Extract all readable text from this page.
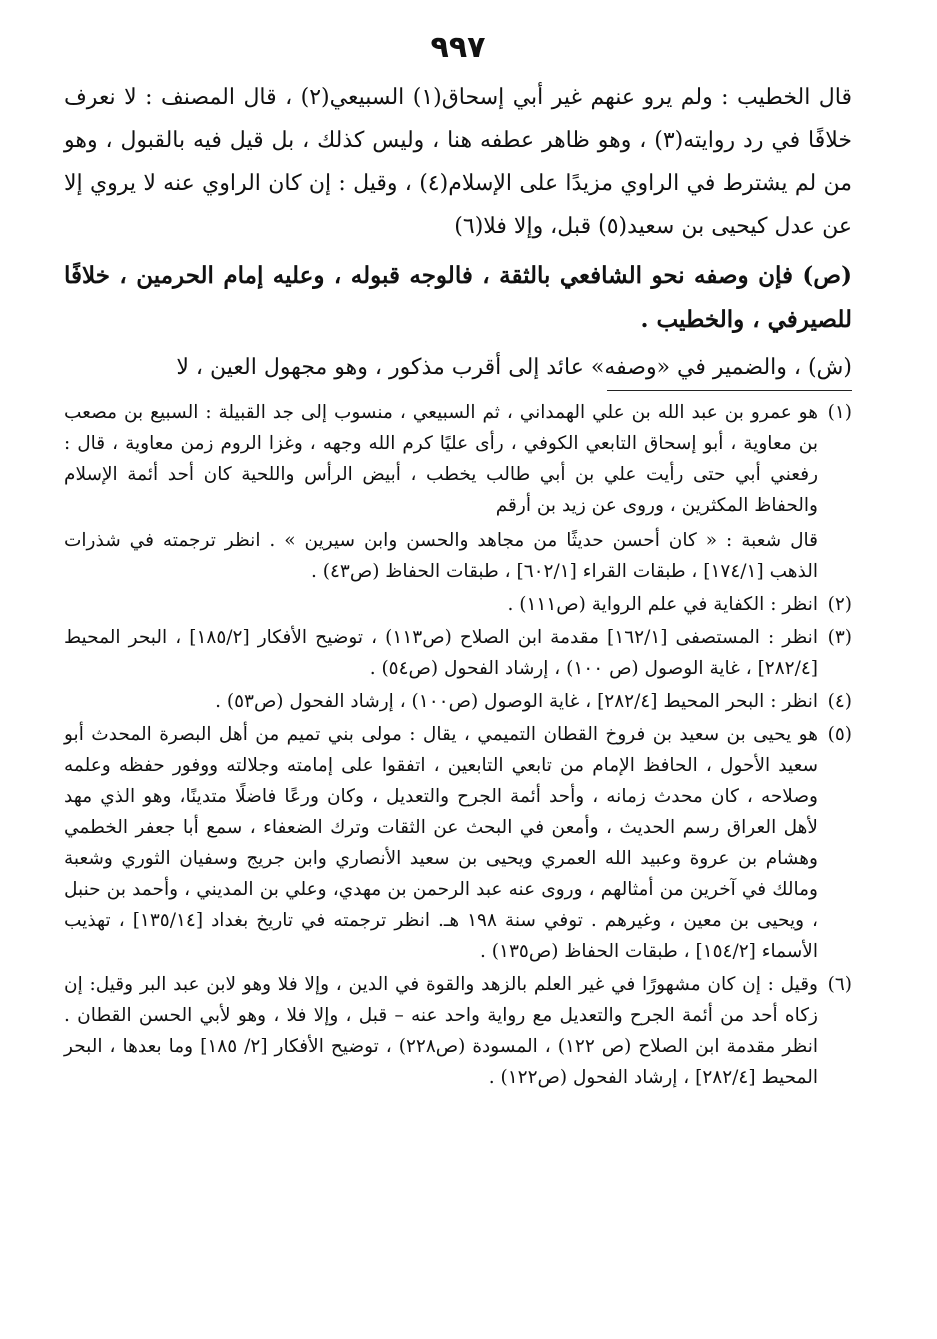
٩٩٧

قال الخطيب : ولم يرو عنهم غير أبي إسحاق(١) السبيعي(٢) ، قال المصنف : لا نعرف خلافًا في رد روايته(٣) ، وهو ظاهر عطفه هنا ، وليس كذلك ، بل قيل فيه بالقبول ، وهو من لم يشترط في الراوي مزيدًا على الإسلام(٤) ، وقيل : إن كان الراوي عنه لا يروي إلا عن عدل كيحيى بن سعيد(٥) قبل، وإلا فلا(٦)

(ص) فإن وصفه نحو الشافعي بالثقة ، فالوجه قبوله ، وعليه إمام الحرمين ، خلافًا للصيرفي ، والخطيب .

(ش) ، والضمير في «وصفه» عائد إلى أقرب مذكور ، وهو مجهول العين ، لا

(١)

هو عمرو بن عبد الله بن علي الهمداني ، ثم السبيعي ، منسوب إلى جد القبيلة : السبيع بن مصعب بن معاوية ، أبو إسحاق التابعي الكوفي ، رأى عليًا كرم الله وجهه ، وغزا الروم زمن معاوية ، قال : رفعني أبي حتى رأيت علي بن أبي طالب يخطب ، أبيض الرأس واللحية كان أحد أئمة الإسلام والحفاظ المكثرين ، وروى عن زيد بن أرقم

قال شعبة : « كان أحسن حديثًا من مجاهد والحسن وابن سيرين » . انظر ترجمته في شذرات الذهب [١٧٤/١] ، طبقات القراء [٦٠٢/١] ، طبقات الحفاظ (ص٤٣) .

(٢)

انظر : الكفاية في علم الرواية (ص١١١) .

(٣)

انظر : المستصفى [١٦٢/١] مقدمة ابن الصلاح (ص١١٣) ، توضيح الأفكار [١٨٥/٢] ، البحر المحيط [٢٨٢/٤] ، غاية الوصول (ص ١٠٠) ، إرشاد الفحول (ص٥٤) .

(٤)

انظر : البحر المحيط [٢٨٢/٤] ، غاية الوصول (ص١٠٠) ، إرشاد الفحول (ص٥٣) .

(٥)

هو يحيى بن سعيد بن فروخ القطان التميمي ، يقال : مولى بني تميم من أهل البصرة المحدث أبو سعيد الأحول ، الحافظ الإمام من تابعي التابعين ، اتفقوا على إمامته وجلالته ووفور حفظه وعلمه وصلاحه ، كان محدث زمانه ، وأحد أئمة الجرح والتعديل ، وكان ورعًا فاضلًا متدينًا، وهو الذي مهد لأهل العراق رسم الحديث ، وأمعن في البحث عن الثقات وترك الضعفاء ، سمع أبا جعفر الخطمي وهشام بن عروة وعبيد الله العمري ويحيى بن سعيد الأنصاري وابن جريج وسفيان الثوري وشعبة ومالك في آخرين من أمثالهم ، وروى عنه عبد الرحمن بن مهدي، وعلي بن المديني ، وأحمد بن حنبل ، ويحيى بن معين ، وغيرهم . توفي سنة ١٩٨ هـ. انظر ترجمته في تاريخ بغداد [١٣٥/١٤] ، تهذيب الأسماء [١٥٤/٢] ، طبقات الحفاظ (ص١٣٥) .

(٦)

وقيل : إن كان مشهورًا في غير العلم بالزهد والقوة في الدين ، وإلا فلا وهو لابن عبد البر وقيل: إن زكاه أحد من أئمة الجرح والتعديل مع رواية واحد عنه – قبل ، وإلا فلا ، وهو لأبي الحسن القطان . انظر مقدمة ابن الصلاح (ص ١٢٢) ، المسودة (ص٢٢٨) ، توضيح الأفكار [٢/ ١٨٥] وما بعدها ، البحر المحيط [٢٨٢/٤] ، إرشاد الفحول (ص١٢٢) .
